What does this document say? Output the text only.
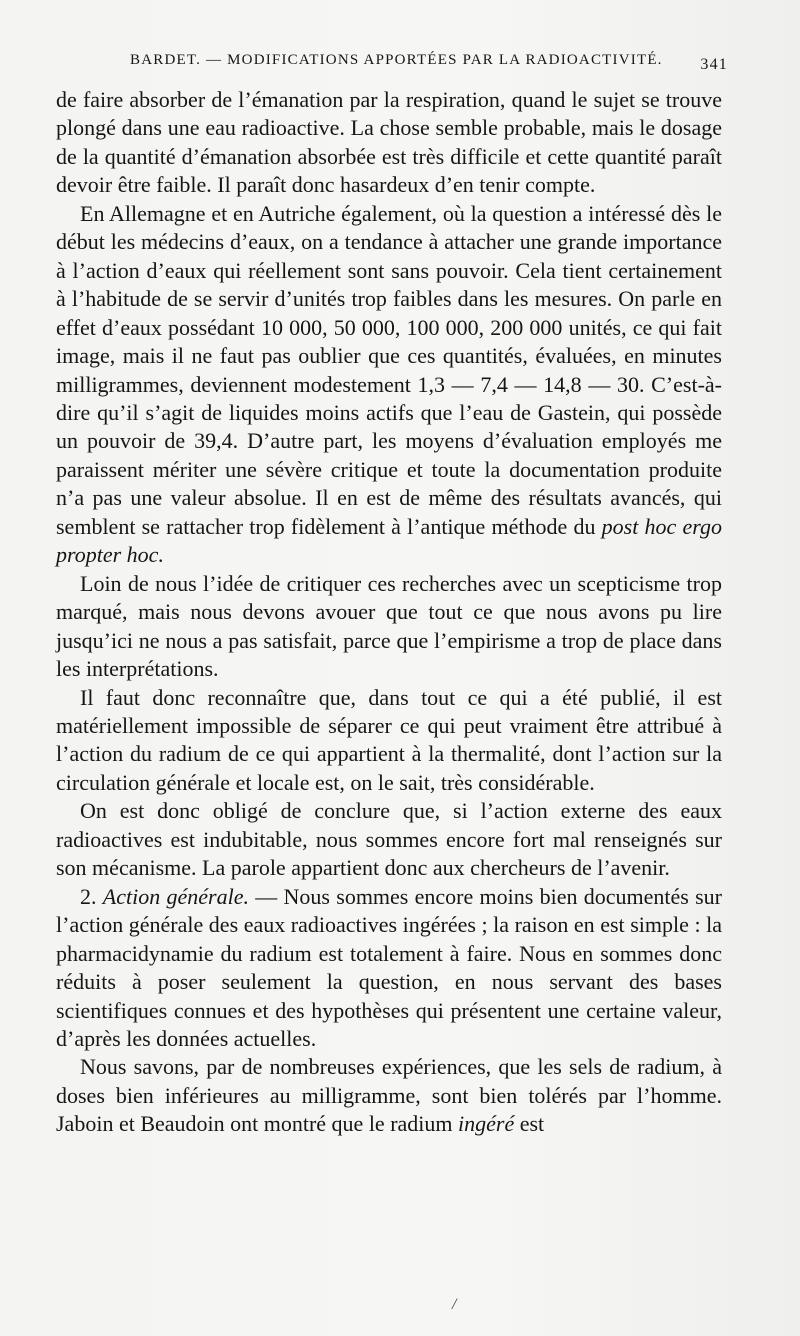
BARDET. — MODIFICATIONS APPORTÉES PAR LA RADIOACTIVITÉ. 341

de faire absorber de l’émanation par la respiration, quand le sujet se trouve plongé dans une eau radioactive. La chose semble probable, mais le dosage de la quantité d’émanation absorbée est très difficile et cette quantité paraît devoir être faible. Il paraît donc hasardeux d’en tenir compte.

En Allemagne et en Autriche également, où la question a intéressé dès le début les médecins d’eaux, on a tendance à attacher une grande importance à l’action d’eaux qui réellement sont sans pouvoir. Cela tient certainement à l’habitude de se servir d’unités trop faibles dans les mesures. On parle en effet d’eaux possédant 10 000, 50 000, 100 000, 200 000 unités, ce qui fait image, mais il ne faut pas oublier que ces quantités, évaluées, en minutes milligrammes, deviennent modestement 1,3 — 7,4 — 14,8 — 30. C’est-à-dire qu’il s’agit de liquides moins actifs que l’eau de Gastein, qui possède un pouvoir de 39,4. D’autre part, les moyens d’évaluation employés me paraissent mériter une sévère critique et toute la documentation produite n’a pas une valeur absolue. Il en est de même des résultats avancés, qui semblent se rattacher trop fidèlement à l’antique méthode du post hoc ergo propter hoc.

Loin de nous l’idée de critiquer ces recherches avec un scepticisme trop marqué, mais nous devons avouer que tout ce que nous avons pu lire jusqu’ici ne nous a pas satisfait, parce que l’empirisme a trop de place dans les interprétations.

Il faut donc reconnaître que, dans tout ce qui a été publié, il est matériellement impossible de séparer ce qui peut vraiment être attribué à l’action du radium de ce qui appartient à la thermalité, dont l’action sur la circulation générale et locale est, on le sait, très considérable.

On est donc obligé de conclure que, si l’action externe des eaux radioactives est indubitable, nous sommes encore fort mal renseignés sur son mécanisme. La parole appartient donc aux chercheurs de l’avenir.

2. Action générale. — Nous sommes encore moins bien documentés sur l’action générale des eaux radioactives ingérées ; la raison en est simple : la pharmacidynamie du radium est totalement à faire. Nous en sommes donc réduits à poser seulement la question, en nous servant des bases scientifiques connues et des hypothèses qui présentent une certaine valeur, d’après les données actuelles.

Nous savons, par de nombreuses expériences, que les sels de radium, à doses bien inférieures au milligramme, sont bien tolérés par l’homme. Jaboin et Beaudoin ont montré que le radium ingéré est

/
